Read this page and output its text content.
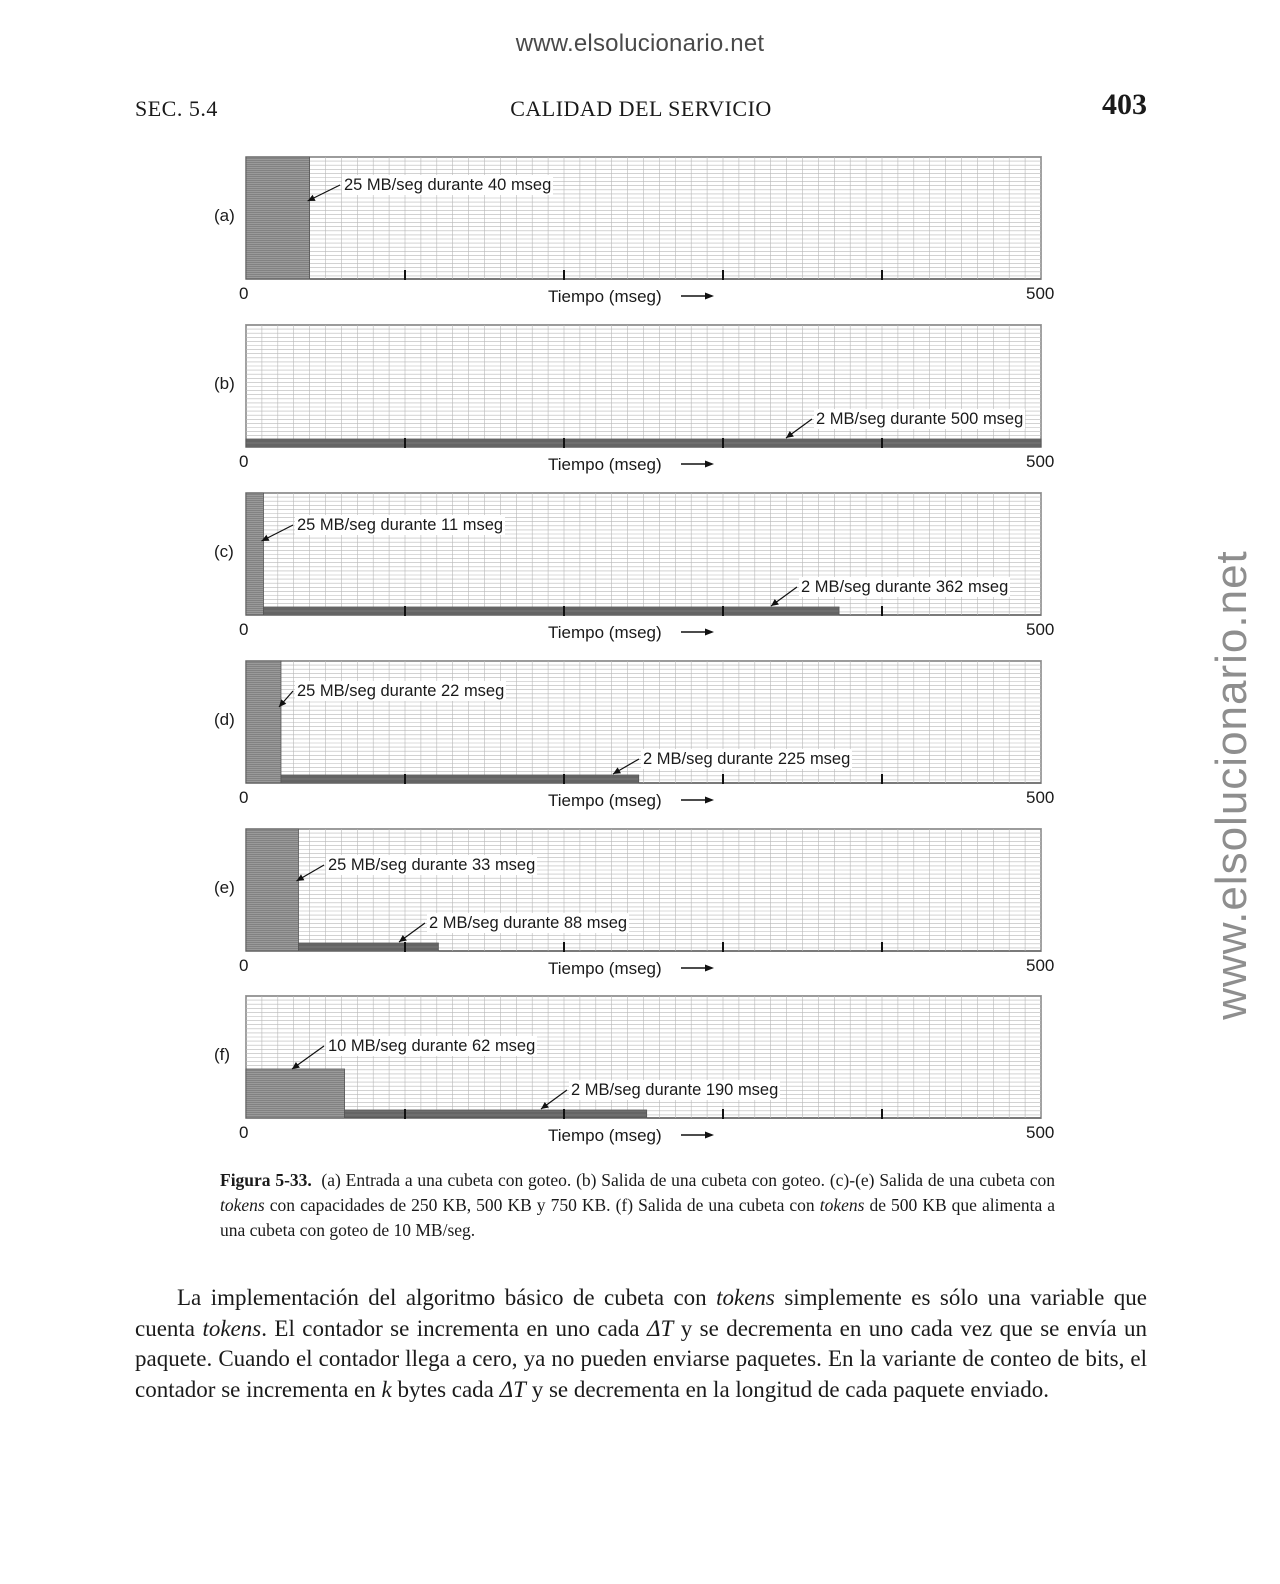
www.elsolucionario.net
www.elsolucionario.net
SEC. 5.4	CALIDAD DEL SERVICIO	403
(a)
0	500
Tiempo (mseg)
25 MB/seg durante 40 mseg
(b)
0	500
Tiempo (mseg)
2 MB/seg durante 500 mseg
(c)
0	500
Tiempo (mseg)
25 MB/seg durante 11 mseg
2 MB/seg durante 362 mseg
(d)
0	500
Tiempo (mseg)
25 MB/seg durante 22 mseg
2 MB/seg durante 225 mseg
(e)
0	500
Tiempo (mseg)
25 MB/seg durante 33 mseg
2 MB/seg durante 88 mseg
(f)
0	500
Tiempo (mseg)
10 MB/seg durante 62 mseg
2 MB/seg durante 190 mseg
Figura 5-33. (a) Entrada a una cubeta con goteo. (b) Salida de una cubeta con goteo. (c)-(e) Salida de una cubeta con tokens con capacidades de 250 KB, 500 KB y 750 KB. (f) Salida de una cubeta con tokens de 500 KB que alimenta a una cubeta con goteo de 10 MB/seg.

La implementación del algoritmo básico de cubeta con tokens simplemente es sólo una variable que cuenta tokens. El contador se incrementa en uno cada ΔT y se decrementa en uno cada vez que se envía un paquete. Cuando el contador llega a cero, ya no pueden enviarse paquetes. En la variante de conteo de bits, el contador se incrementa en k bytes cada ΔT y se decrementa en la longitud de cada paquete enviado.
